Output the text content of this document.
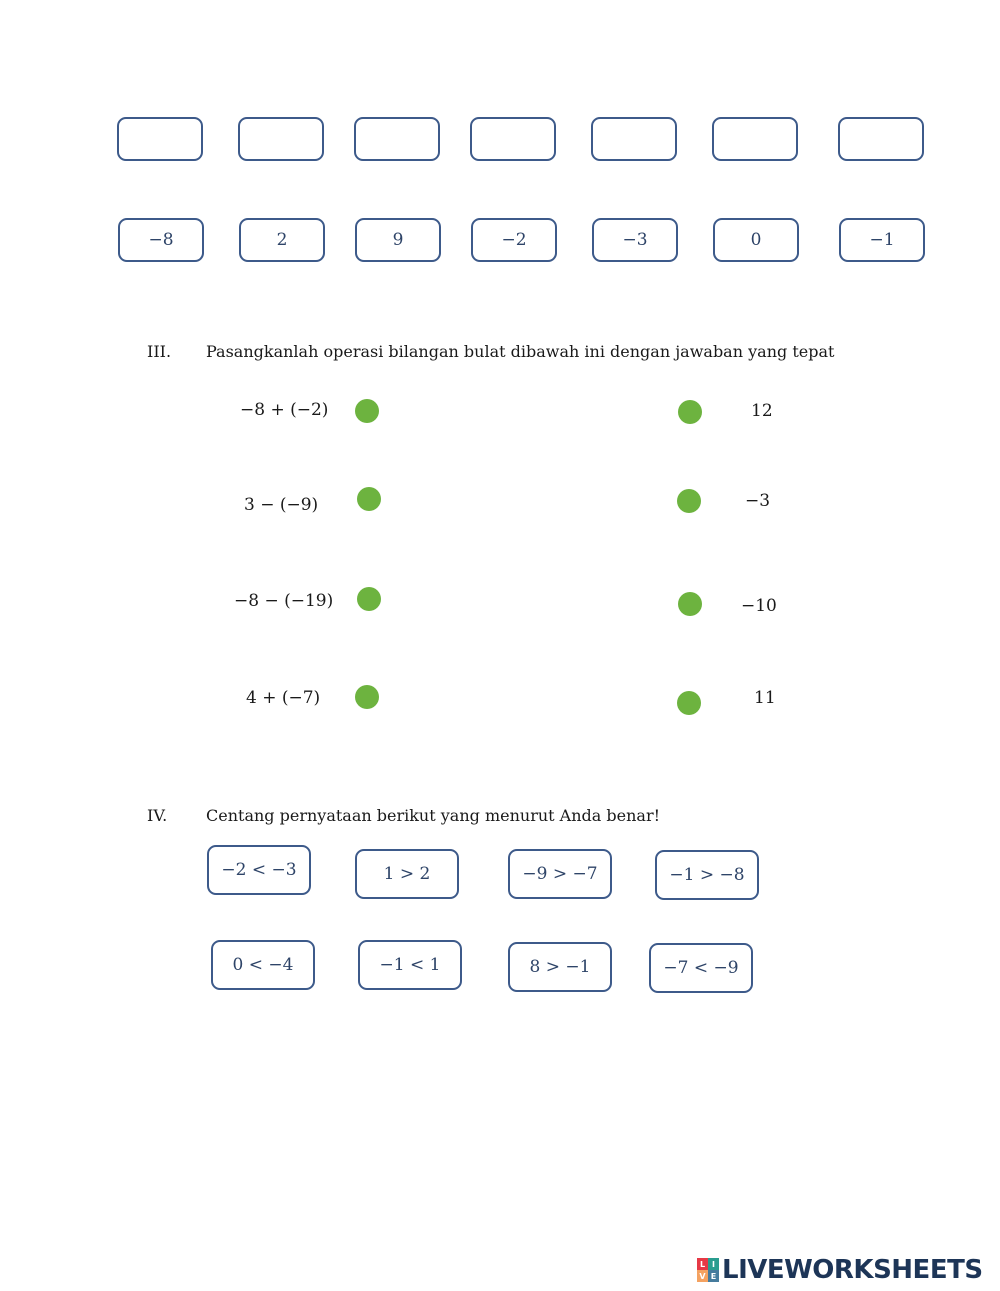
−8	2	9	−2	−3	0	−1
III. Pasangkanlah operasi bilangan bulat dibawah ini dengan jawaban yang tepat
−8 + (−2)	12
3 − (−9)	−3
−8 − (−19)	−10
4 + (−7)	11
IV. Centang pernyataan berikut yang menurut Anda benar!
−2 < −3	1 > 2	−9 > −7	−1 > −8
0 < −4	−1 < 1	8 > −1	−7 < −9
L I
V E LIVEWORKSHEETS
